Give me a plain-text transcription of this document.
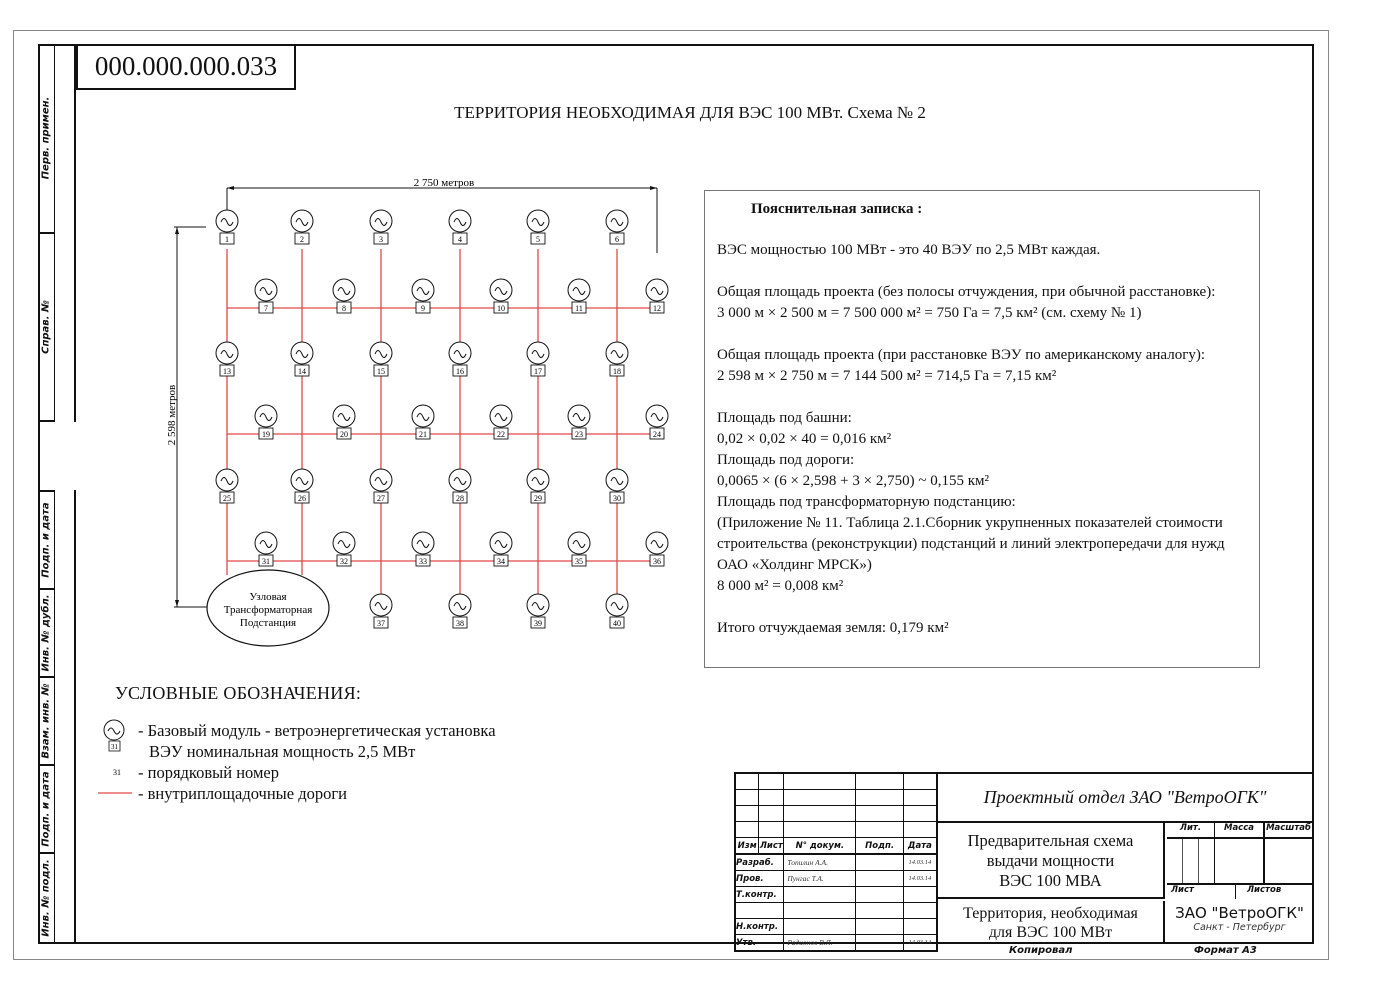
Перв. примен.
Справ. №
Подп. и дата
Инв. № дубл.
Взам. инв. №
Подп. и дата
Инв. № подл.
000.000.000.033
ТЕРРИТОРИЯ НЕОБХОДИМАЯ ДЛЯ ВЭС 100 МВт. Схема № 2
1	2	3	4	5	6
7	8	9	10	11	12
13	14	15	16	17	18
19	20	21	22	23	24
25	26	27	28	29	30
31	32	33	34	35	36
37	38	39	40
Узловая
Трансформаторная
Подстанция
2 750 метров
2 598 метров
Пояснительная записка :

ВЭС мощностью 100 МВт - это 40 ВЭУ по 2,5 МВт каждая.

Общая площадь проекта (без полосы отчуждения, при обычной расстановке):

3 000 м × 2 500 м = 7 500 000 м² = 750 Га = 7,5 км² (см. схему № 1)

Общая площадь проекта (при расстановке ВЭУ по американскому аналогу):

2 598 м × 2 750 м = 7 144 500 м² = 714,5 Га = 7,15 км²

Площадь под башни:

0,02 × 0,02 × 40 = 0,016 км²

Площадь под дороги:

0,0065 × (6 × 2,598 + 3 × 2,750) ~ 0,155 км²

Площадь под трансформаторную подстанцию:

(Приложение № 11. Таблица 2.1.Сборник укрупненных показателей стоимости

строительства (реконструкции) подстанций и линий электропередачи для нужд

ОАО «Холдинг МРСК»)

8 000 м² = 0,008 км²

Итого отчуждаемая земля: 0,179 км²

УСЛОВНЫЕ ОБОЗНАЧЕНИЯ:
31
31
- Базовый модуль - ветроэнергетическая установка
ВЭУ номинальная мощность 2,5 МВт
- порядковый номер
- внутриплощадочные дороги

Изм	Лист	N° докум.	Подп.	Дата
Разраб.		Топилин А.А.		14.03.14
Пров.		Пунгас Т.А.		14.03.14
Т.контр.				

Н.контр.				
Утв.		Радионов В.Я.		14.03.14
Проектный отдел ЗАО "ВетроОГК"
Предварительная схема
выдачи мощности
ВЭС 100 МВА
Территория, необходимая
для ВЭС 100 МВт
Лит.	Масса	Масштаб
Лист	Листов
ЗАО "ВетроОГК"
Санкт - Петербург
Копировал	Формат А3
